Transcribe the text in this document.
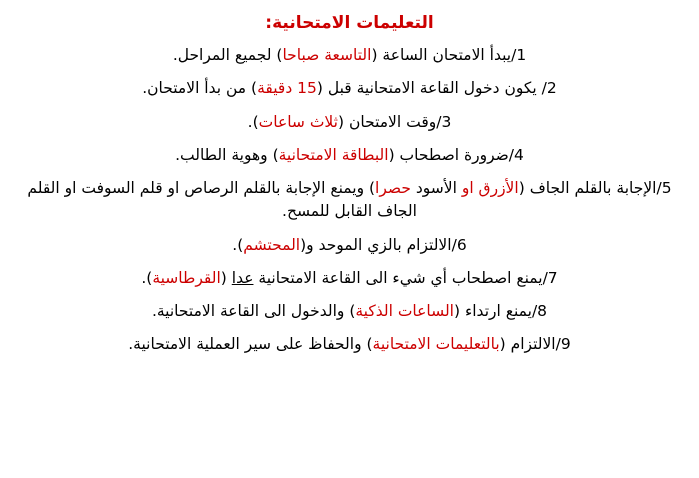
التعليمات الامتحانية:
1/يبدأ الامتحان الساعة (التاسعة صباحا) لجميع المراحل.
2/ يكون دخول القاعة الامتحانية قبل (15 دقيقة) من بدأ الامتحان.
3/وقت الامتحان (ثلاث ساعات).
4/ضرورة اصطحاب (البطاقة الامتحانية) وهوية الطالب.
5/الإجابة بالقلم الجاف (الأزرق او الأسود حصرا) ويمنع الإجابة بالقلم الرصاص او قلم السوفت او القلم الجاف القابل للمسح.
6/الالتزام بالزي الموحد و(المحتشم).
7/يمنع اصطحاب أي شيء الى القاعة الامتحانية عدا (القرطاسية).
8/يمنع ارتداء (الساعات الذكية) والدخول الى القاعة الامتحانية.
9/الالتزام (بالتعليمات الامتحانية) والحفاظ على سير العملية الامتحانية.
